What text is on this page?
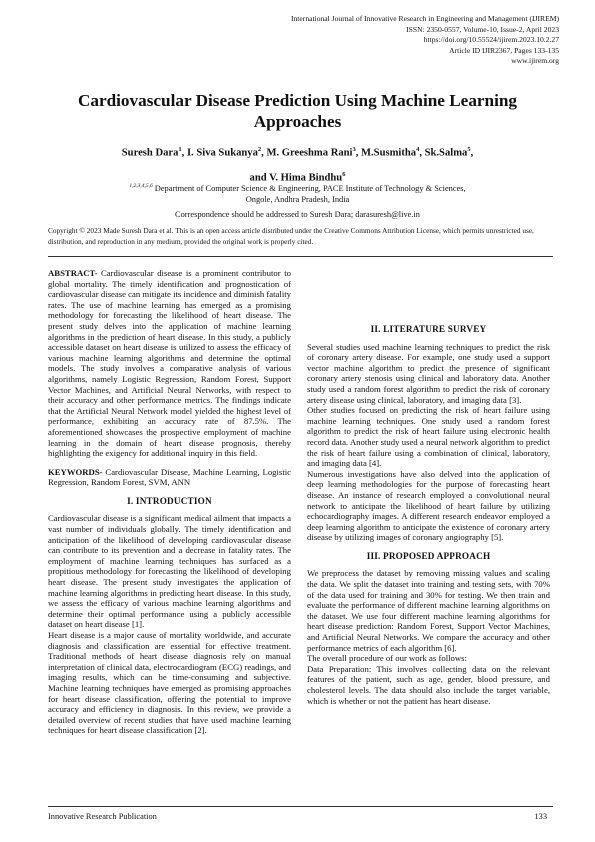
International Journal of Innovative Research in Engineering and Management (IJIREM)
ISSN: 2350-0557, Volume-10, Issue-2, April 2023
https://doi.org/10.55524/ijirem.2023.10.2.27
Article ID IJIR2367, Pages 133-135
www.ijirem.org
Cardiovascular Disease Prediction Using Machine Learning Approaches
Suresh Dara$^1$, I. Siva Sukanya$^2$, M. Greeshma Rani$^3$, M.Susmitha$^4$, Sk.Salma$^5$,
and V. Hima Bindhu$^6$
$^{1,2,3,4,5,6}$ Department of Computer Science & Engineering, PACE Institute of Technology & Sciences,
Ongole, Andhra Pradesh, India
Correspondence should be addressed to Suresh Dara; darasuresh@live.in
Copyright © 2023 Made Suresh Dara et al. This is an open access article distributed under the Creative Commons Attribution License, which permits unrestricted use, distribution, and reproduction in any medium, provided the original work is properly cited.

ABSTRACT- Cardiovascular disease is a prominent contributor to global mortality. The timely identification and prognostication of cardiovascular disease can mitigate its incidence and diminish fatality rates. The use of machine learning has emerged as a promising methodology for forecasting the likelihood of heart disease. The present study delves into the application of machine learning algorithms in the prediction of heart disease. In this study, a publicly accessible dataset on heart disease is utilized to assess the efficacy of various machine learning algorithms and determine the optimal models. The study involves a comparative analysis of various algorithms, namely Logistic Regression, Random Forest, Support Vector Machines, and Artificial Neural Networks, with respect to their accuracy and other performance metrics. The findings indicate that the Artificial Neural Network model yielded the highest level of performance, exhibiting an accuracy rate of 87.5%. The aforementioned showcases the prospective employment of machine learning in the domain of heart disease prognosis, thereby highlighting the exigency for additional inquiry in this field.

KEYWORDS- Cardiovascular Disease, Machine Learning, Logistic Regression, Random Forest, SVM, ANN

I. INTRODUCTION

Cardiovascular disease is a significant medical ailment that impacts a vast number of individuals globally. The timely identification and anticipation of the likelihood of developing cardiovascular disease can contribute to its prevention and a decrease in fatality rates. The employment of machine learning techniques has surfaced as a propitious methodology for forecasting the likelihood of developing heart disease. The present study investigates the application of machine learning algorithms in predicting heart disease. In this study, we assess the efficacy of various machine learning algorithms and determine their optimal performance using a publicly accessible dataset on heart disease [1].

Heart disease is a major cause of mortality worldwide, and accurate diagnosis and classification are essential for effective treatment. Traditional methods of heart disease diagnosis rely on manual interpretation of clinical data, electrocardiogram (ECG) readings, and imaging results, which can be time-consuming and subjective. Machine learning techniques have emerged as promising approaches for heart disease classification, offering the potential to improve accuracy and efficiency in diagnosis. In this review, we provide a detailed overview of recent studies that have used machine learning techniques for heart disease classification [2].

II. LITERATURE SURVEY

Several studies used machine learning techniques to predict the risk of coronary artery disease. For example, one study used a support vector machine algorithm to predict the presence of significant coronary artery stenosis using clinical and laboratory data. Another study used a random forest algorithm to predict the risk of coronary artery disease using clinical, laboratory, and imaging data [3].

Other studies focused on predicting the risk of heart failure using machine learning techniques. One study used a random forest algorithm to predict the risk of heart failure using electronic health record data. Another study used a neural network algorithm to predict the risk of heart failure using a combination of clinical, laboratory, and imaging data [4].

Numerous investigations have also delved into the application of deep learning methodologies for the purpose of forecasting heart disease. An instance of research employed a convolutional neural network to anticipate the likelihood of heart failure by utilizing echocardiography images. A different research endeavor employed a deep learning algorithm to anticipate the existence of coronary artery disease by utilizing images of coronary angiography [5].

III. PROPOSED APPROACH

We preprocess the dataset by removing missing values and scaling the data. We split the dataset into training and testing sets, with 70% of the data used for training and 30% for testing. We then train and evaluate the performance of different machine learning algorithms on the dataset. We use four different machine learning algorithms for heart disease prediction: Random Forest, Support Vector Machines, and Artificial Neural Networks. We compare the accuracy and other performance metrics of each algorithm [6].

The overall procedure of our work as follows:

Data Preparation: This involves collecting data on the relevant features of the patient, such as age, gender, blood pressure, and cholesterol levels. The data should also include the target variable, which is whether or not the patient has heart disease.

Innovative Research Publication	133
